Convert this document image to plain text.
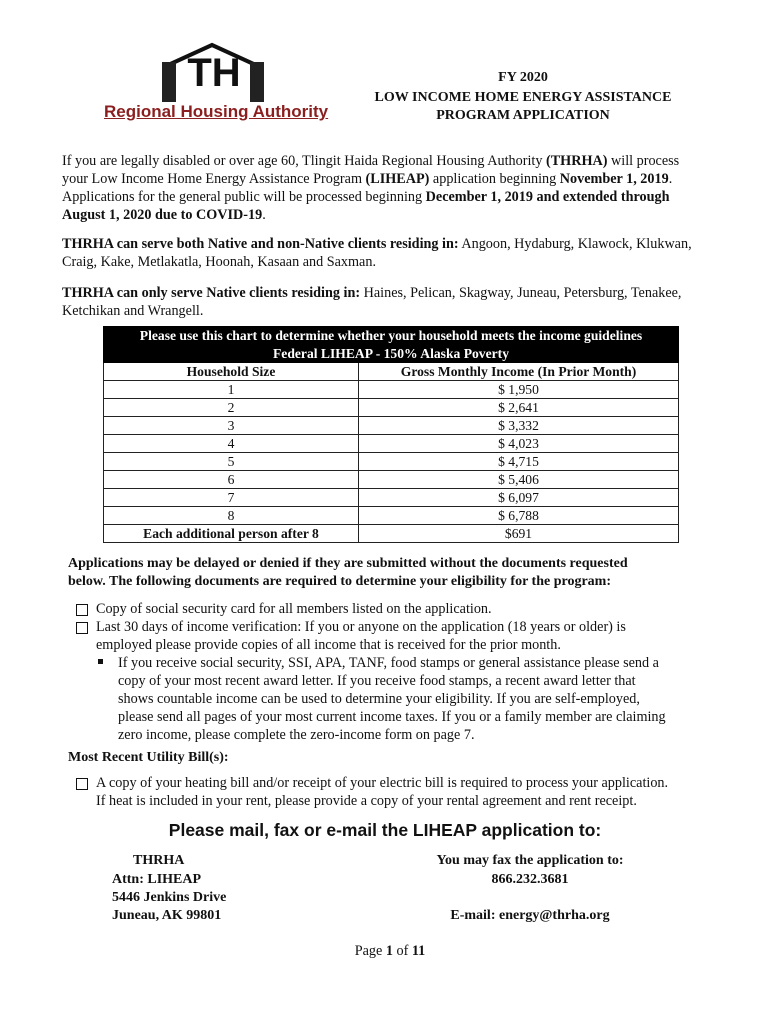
TH
Regional Housing Authority
FY 2020
LOW INCOME HOME ENERGY ASSISTANCE
PROGRAM APPLICATION

If you are legally disabled or over age 60, Tlingit Haida Regional Housing Authority (THRHA) will process your Low Income Home Energy Assistance Program (LIHEAP) application beginning November 1, 2019. Applications for the general public will be processed beginning December 1, 2019 and extended through August 1, 2020 due to COVID-19.

THRHA can serve both Native and non-Native clients residing in: Angoon, Hydaburg, Klawock, Klukwan, Craig, Kake, Metlakatla, Hoonah, Kasaan and Saxman.

THRHA can only serve Native clients residing in: Haines, Pelican, Skagway, Juneau, Petersburg, Tenakee, Ketchikan and Wrangell.

Please use this chart to determine whether your household meets the income guidelines	
Federal LIHEAP - 150% Alaska Poverty	
Household Size	Gross Monthly Income (In Prior Month)
1	$ 1,950
2	$ 2,641
3	$ 3,332
4	$ 4,023
5	$ 4,715
6	$ 5,406
7	$ 6,097
8	$ 6,788
Each additional person after 8	$691
Applications may be delayed or denied if they are submitted without the documents requested
below. The following documents are required to determine your eligibility for the program:
Copy of social security card for all members listed on the application.
Last 30 days of income verification: If you or anyone on the application (18 years or older) is
employed please provide copies of all income that is received for the prior month.
If you receive social security, SSI, APA, TANF, food stamps or general assistance please send a
copy of your most recent award letter. If you receive food stamps, a recent award letter that
shows countable income can be used to determine your eligibility. If you are self-employed,
please send all pages of your most current income taxes. If you or a family member are claiming
zero income, please complete the zero-income form on page 7.
Most Recent Utility Bill(s):
A copy of your heating bill and/or receipt of your electric bill is required to process your application.
If heat is included in your rent, please provide a copy of your rental agreement and rent receipt.
Please mail, fax or e-mail the LIHEAP application to:
THRHA
Attn: LIHEAP
5446 Jenkins Drive
Juneau, AK 99801
You may fax the application to:
866.232.3681
E-mail: energy@thrha.org
Page 1 of 11
